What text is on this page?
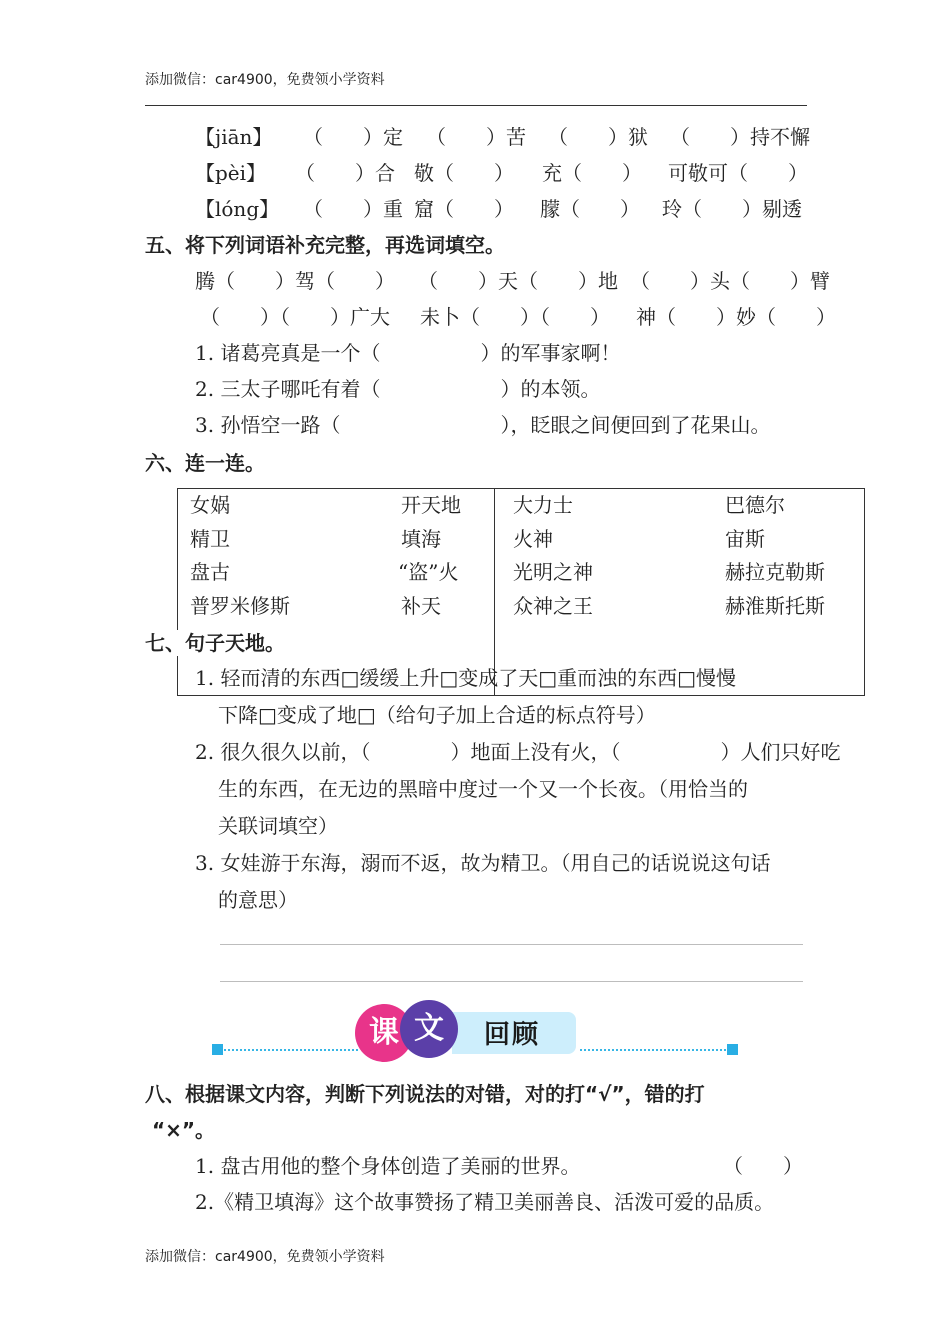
添加微信：car4900，免费领小学资料
【jiān】 （　　）定 （　　）苦 （　　）狱 （　　）持不懈
【pèi】 （　　）合 敬（　　） 充（　　） 可敬可（　　）
【lóng】 （　　）重 窟（　　） 朦（　　） 玲（　　）剔透
五、将下列词语补充完整，再选词填空。
腾（　　）驾（　　） （　　）天（　　）地 （　　）头（　　）臂
（　　）（　　）广大 未卜（　　）（　　） 神（　　）妙（　　）
1. 诸葛亮真是一个（　　　　　）的军事家啊！
2. 三太子哪吒有着（　　　　　　）的本领。
3. 孙悟空一路（　　　　　　　　），眨眼之间便回到了花果山。
六、连一连。
女娲
精卫
盘古
普罗米修斯
开天地
填海
“盗”火
补天
大力士
火神
光明之神
众神之王
巴德尔
宙斯
赫拉克勒斯
赫淮斯托斯
七、句子天地。
1. 轻而清的东西□缓缓上升□变成了天□重而浊的东西□慢慢
下降□变成了地□（给句子加上合适的标点符号）
2. 很久很久以前，（　　　　）地面上没有火，（　　　　　）人们只好吃
生的东西，在无边的黑暗中度过一个又一个长夜。（用恰当的
关联词填空）
3. 女娃游于东海，溺而不返，故为精卫。（用自己的话说说这句话
的意思）
课 文	回顾
八、根据课文内容，判断下列说法的对错，对的打“√”，错的打
“×”。
1. 盘古用他的整个身体创造了美丽的世界。	（　　）
2.《精卫填海》这个故事赞扬了精卫美丽善良、活泼可爱的品质。
添加微信：car4900，免费领小学资料
